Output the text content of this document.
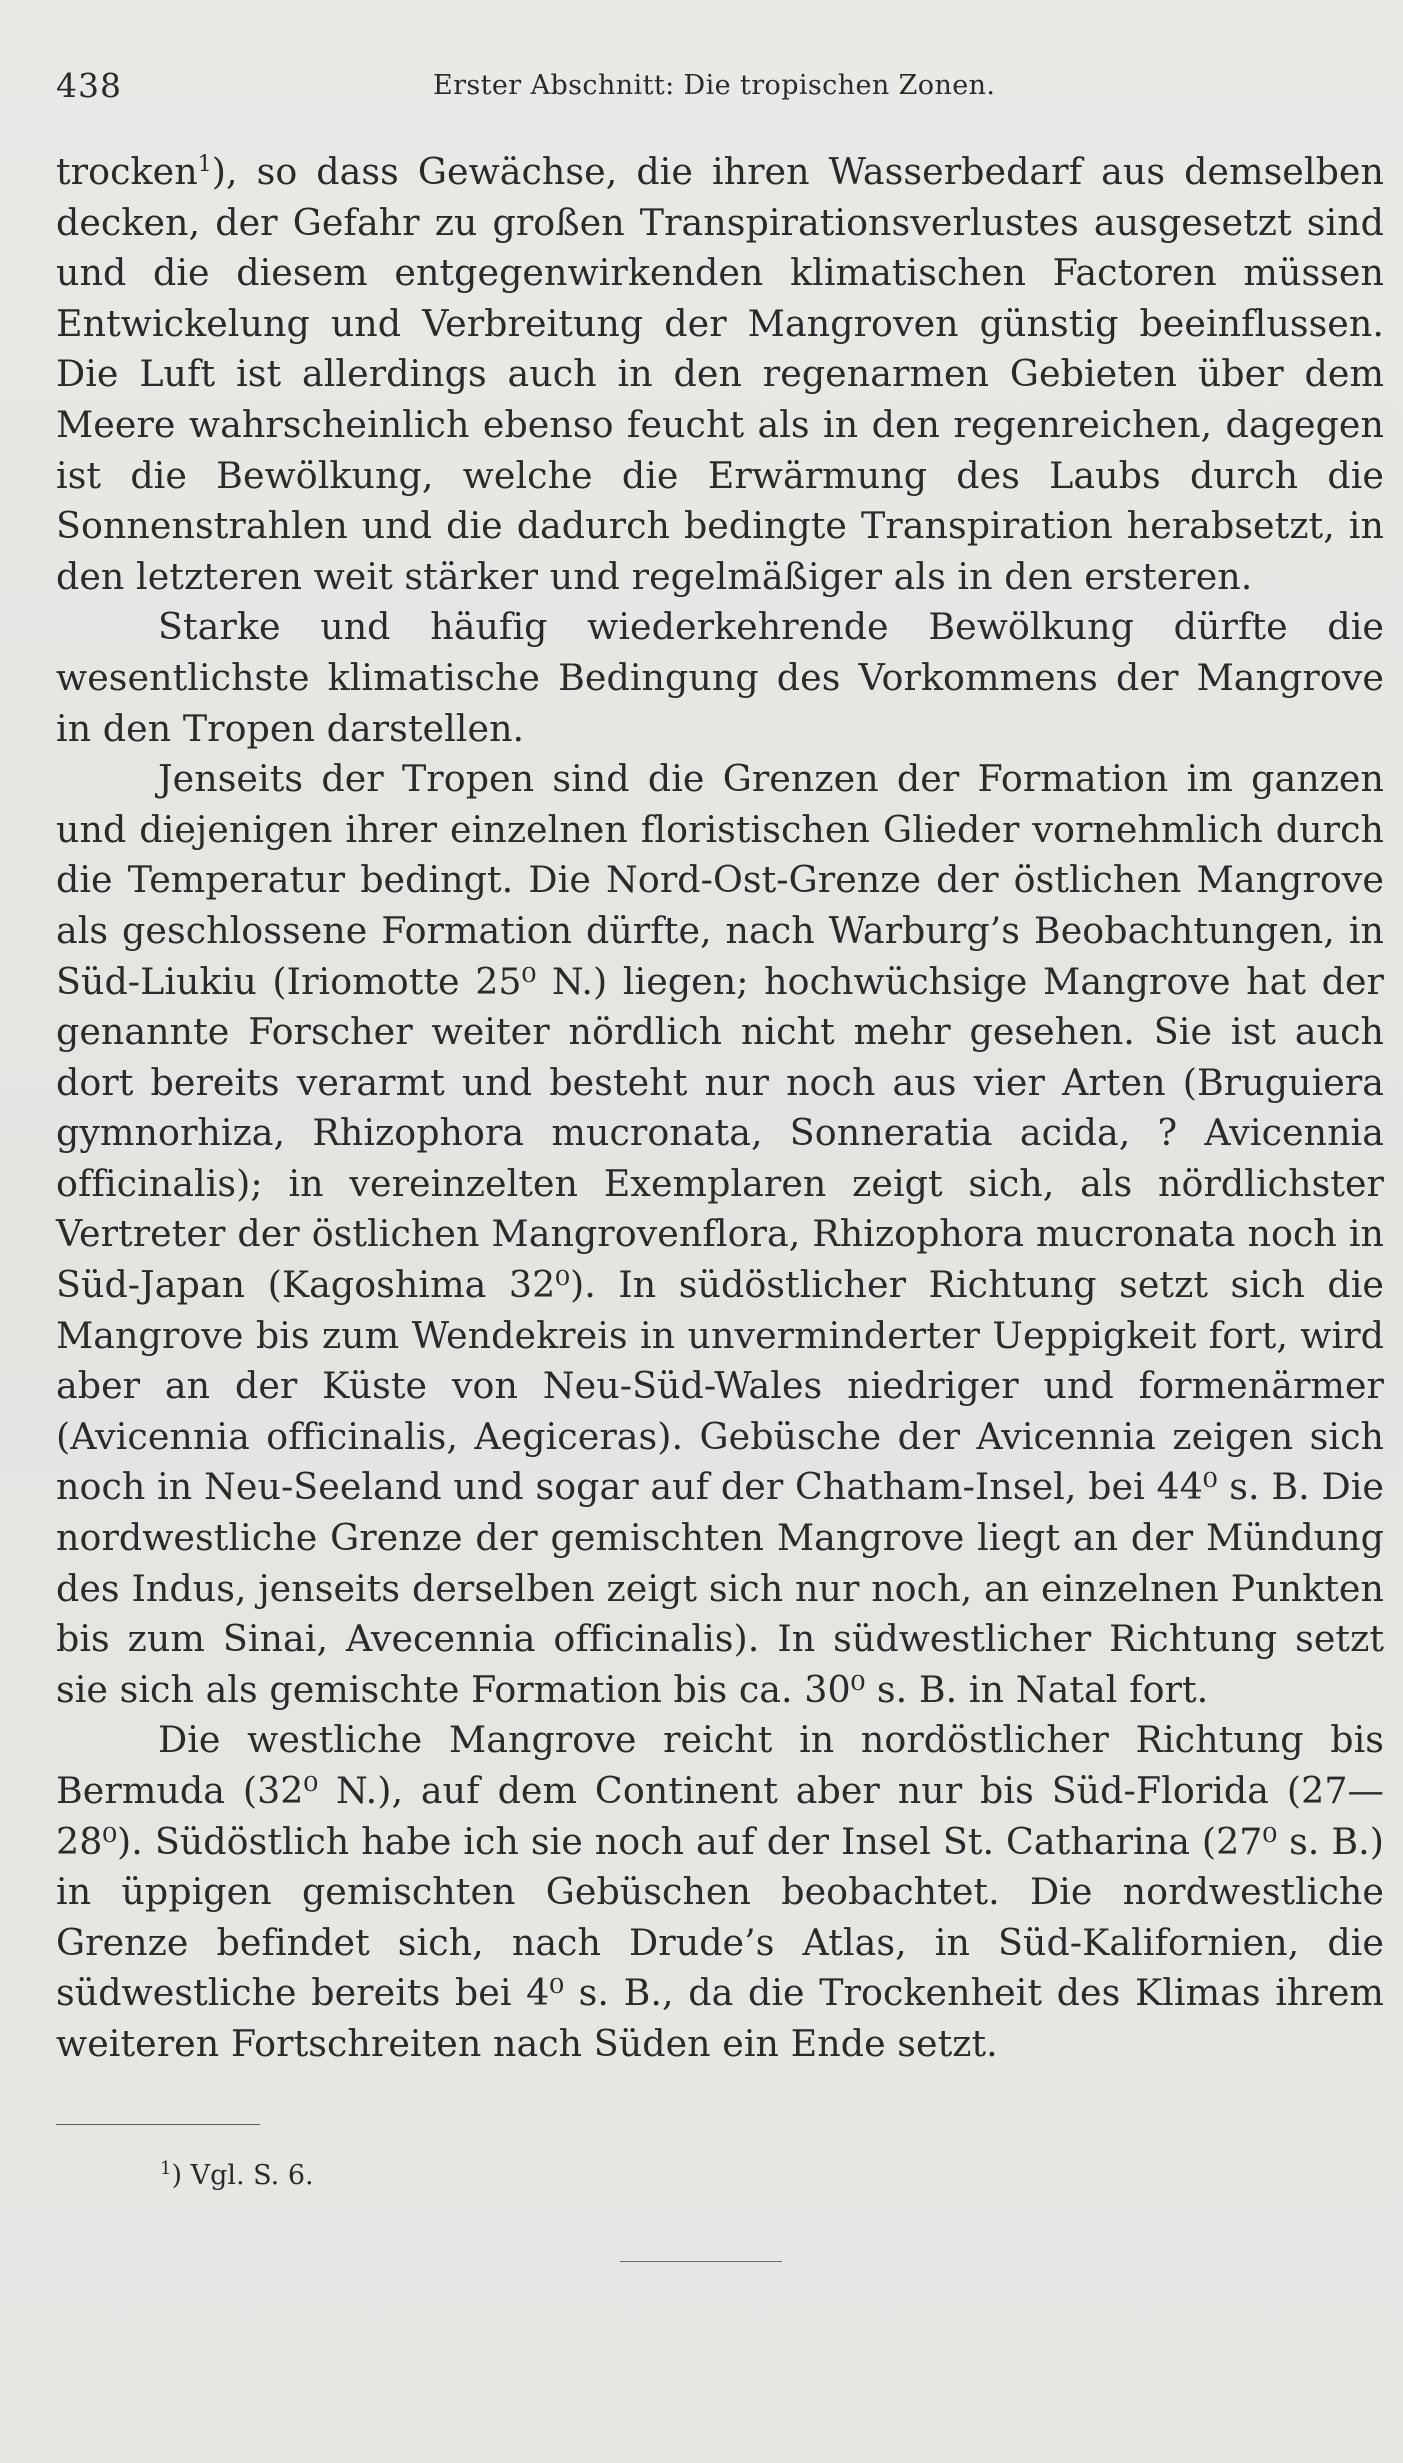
438	Erster Abschnitt: Die tropischen Zonen.

trocken$^1$), so dass Gewächse, die ihren Wasserbedarf aus demselben decken, der Gefahr zu großen Transpirationsverlustes ausgesetzt sind und die diesem entgegenwirkenden klimatischen Factoren müssen Entwickelung und Verbreitung der Mangroven günstig beeinflussen. Die Luft ist allerdings auch in den regenarmen Gebieten über dem Meere wahrscheinlich ebenso feucht als in den regenreichen, dagegen ist die Bewölkung, welche die Erwärmung des Laubs durch die Sonnenstrahlen und die dadurch bedingte Transpiration herabsetzt, in den letzteren weit stärker und regelmäßiger als in den ersteren.

Starke und häufig wiederkehrende Bewölkung dürfte die wesentlichste klimatische Bedingung des Vorkommens der Mangrove in den Tropen darstellen.

Jenseits der Tropen sind die Grenzen der Formation im ganzen und diejenigen ihrer einzelnen floristischen Glieder vornehmlich durch die Temperatur bedingt. Die Nord-Ost-Grenze der östlichen Mangrove als geschlossene Formation dürfte, nach Warburg’s Beobachtungen, in Süd-Liukiu (Iriomotte 25⁰ N.) liegen; hochwüchsige Mangrove hat der genannte Forscher weiter nördlich nicht mehr gesehen. Sie ist auch dort bereits verarmt und besteht nur noch aus vier Arten (Bruguiera gymnorhiza, Rhizophora mucronata, Sonneratia acida, ? Avicennia officinalis); in vereinzelten Exemplaren zeigt sich, als nördlichster Vertreter der östlichen Mangrovenflora, Rhizophora mucronata noch in Süd-Japan (Kagoshima 32⁰). In südöstlicher Richtung setzt sich die Mangrove bis zum Wendekreis in unverminderter Ueppigkeit fort, wird aber an der Küste von Neu-Süd-Wales niedriger und formenärmer (Avicennia officinalis, Aegiceras). Gebüsche der Avicennia zeigen sich noch in Neu-Seeland und sogar auf der Chatham-Insel, bei 44⁰ s. B. Die nordwestliche Grenze der gemischten Mangrove liegt an der Mündung des Indus, jenseits derselben zeigt sich nur noch, an einzelnen Punkten bis zum Sinai, Avecennia officinalis). In südwestlicher Richtung setzt sie sich als gemischte Formation bis ca. 30⁰ s. B. in Natal fort.

Die westliche Mangrove reicht in nordöstlicher Richtung bis Bermuda (32⁰ N.), auf dem Continent aber nur bis Süd-Florida (27—28⁰). Südöstlich habe ich sie noch auf der Insel St. Catharina (27⁰ s. B.) in üppigen gemischten Gebüschen beobachtet. Die nordwestliche Grenze befindet sich, nach Drude’s Atlas, in Süd-Kalifornien, die südwestliche bereits bei 4⁰ s. B., da die Trockenheit des Klimas ihrem weiteren Fortschreiten nach Süden ein Ende setzt.

$^1$) Vgl. S. 6.
